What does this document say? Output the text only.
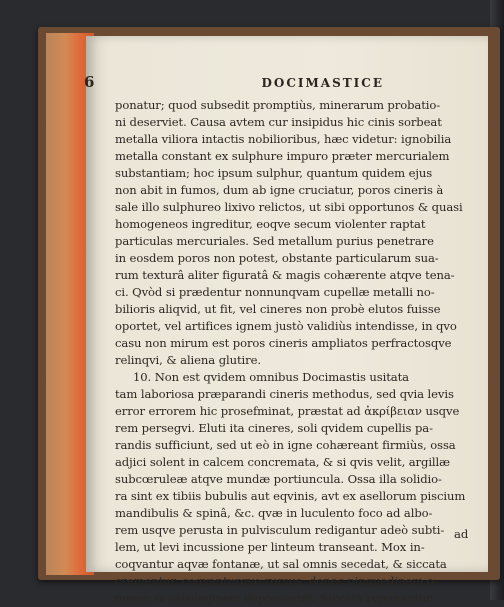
6	DOCIMASTICE
ponatur; quod subsedit promptiùs, minerarum probatio-
ni deserviet. Causa avtem cur insipidus hic cinis sorbeat
metalla viliora intactis nobilioribus, hæc videtur: ignobilia
metalla constant ex sulphure impuro præter mercurialem
substantiam; hoc ipsum sulphur, quantum quidem ejus
non abit in fumos, dum ab igne cruciatur, poros cineris à
sale illo sulphureo lixivo relictos, ut sibi opportunos & quasi
homogeneos ingreditur, eoqve secum violenter raptat
particulas mercuriales. Sed metallum purius penetrare
in eosdem poros non potest, obstante particularum sua-
rum texturâ aliter figuratâ & magis cohærente atqve tena-
ci. Qvòd si prædentur nonnunqvam cupellæ metalli no-
bilioris aliqvid, ut fit, vel cineres non probè elutos fuisse
oportet, vel artifices ignem justò validiùs intendisse, in qvo
casu non mirum est poros cineris ampliatos perfractosqve
relinqvi, & aliena glutire.
10. Non est qvidem omnibus Docimastis usitata
tam laboriosa præparandi cineris methodus, sed qvia levis
error errorem hic prosefminat, præstat ad ἀκρίβειαν usqve
rem persegvi. Eluti ita cineres, soli qvidem cupellis pa-
randis sufficiunt, sed ut eò in igne cohæreant firmiùs, ossa
adjici solent in calcem concremata, & si qvis velit, argillæ
subcœruleæ atqve mundæ portiuncula. Ossa illa solidio-
ra sint ex tibiis bubulis aut eqvinis, avt ex asellorum piscium
mandibulis & spinâ, &c. qvæ in luculento foco ad albo-
rem usqve perusta in pulvisculum redigantur adeò subti-
lem, ut levi incussione per linteum transeant. Mox in-
coqvantur aqvæ fontanæ, ut sal omnis secedat, & siccata
crementur, coqvanturqve rursus, donec pinguedinem o-
mnem & salsilaginem deposuerint. Siccata reponantur
ad
